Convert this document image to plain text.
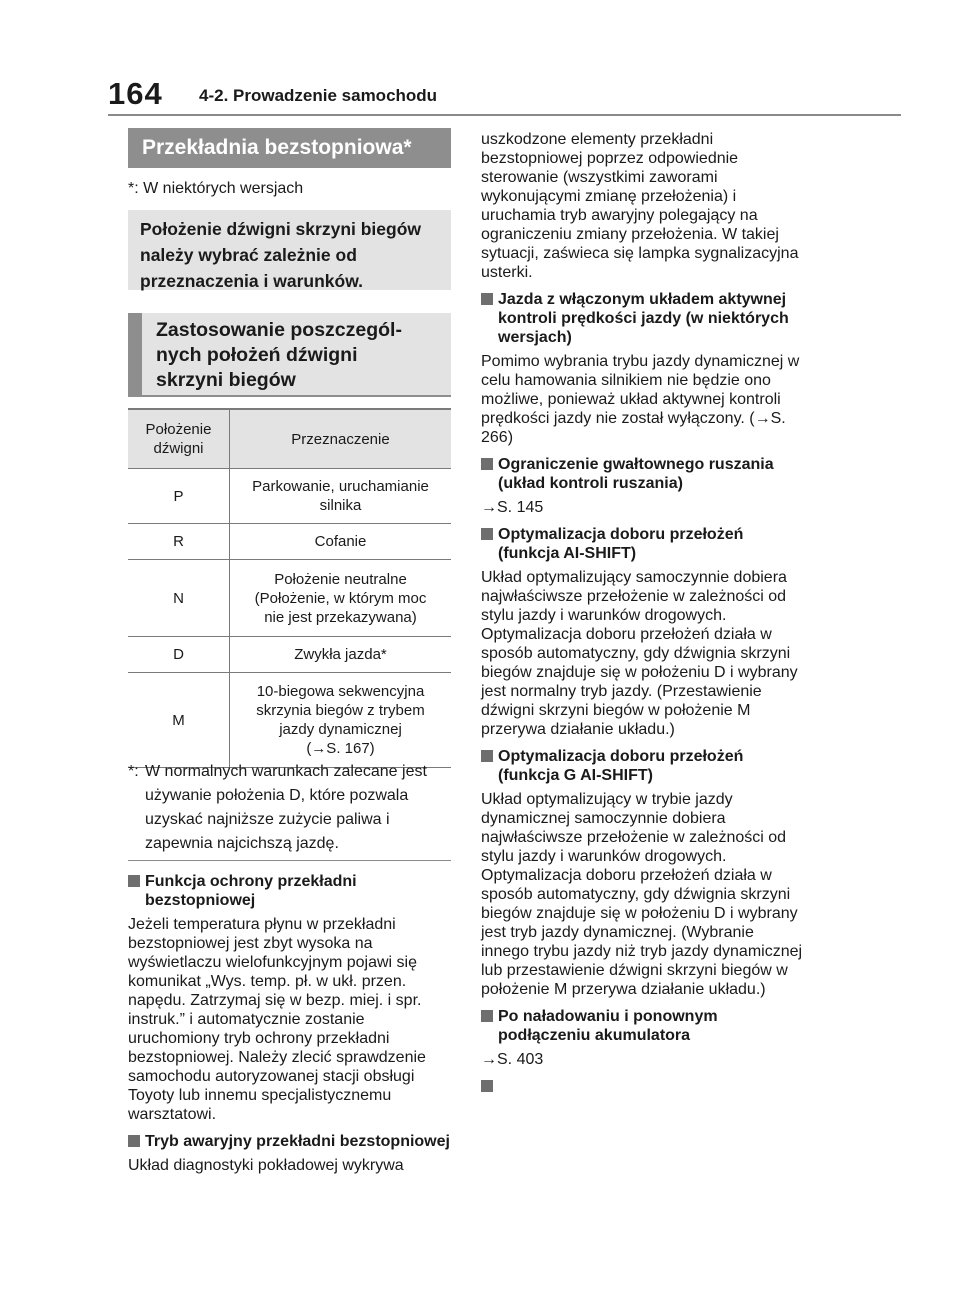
164 4-2. Prowadzenie samochodu
Przekładnia bezstopniowa*
*: W niektórych wersjach
Położenie dźwigni skrzyni biegów należy wybrać zależnie od przeznaczenia i warunków.
Zastosowanie poszczegól-
nych położeń dźwigni
skrzyni biegów
Położenie
dźwigni	Przeznaczenie
P	Parkowanie, uruchamianie
silnika

R	Cofanie
N	Położenie neutralne
(Położenie, w którym moc
nie jest przekazywana)

D	Zwykła jazda*
M	10-biegowa sekwencyjna
skrzynia biegów z trybem
jazdy dynamicznej
(→S. 167)
*: W normalnych warunkach zalecane jest używanie położenia D, które pozwala uzyskać najniższe zużycie paliwa i zapewnia najcichszą jazdę.
Funkcja ochrony przekładni bezstopniowej

Jeżeli temperatura płynu w przekładni bezstopniowej jest zbyt wysoka na wyświetlaczu wielofunkcyjnym pojawi się komunikat „Wys. temp. pł. w ukł. przen. napędu. Zatrzymaj się w bezp. miej. i spr. instruk.” i automatycznie zostanie uruchomiony tryb ochrony przekładni bezstopniowej. Należy zlecić sprawdzenie samochodu autoryzowanej stacji obsługi Toyoty lub innemu specjalistycznemu warsztatowi.

Tryb awaryjny przekładni bezstopniowej

Układ diagnostyki pokładowej wykrywa

uszkodzone elementy przekładni bezstopniowej poprzez odpowiednie sterowanie (wszystkimi zaworami wykonującymi zmianę przełożenia) i uruchamia tryb awaryjny polegający na ograniczeniu zmiany przełożenia. W takiej sytuacji, zaświeca się lampka sygnalizacyjna usterki.

Jazda z włączonym układem aktywnej kontroli prędkości jazdy (w niektórych wersjach)

Pomimo wybrania trybu jazdy dynamicznej w celu hamowania silnikiem nie będzie ono możliwe, ponieważ układ aktywnej kontroli prędkości jazdy nie został wyłączony. (→S. 266)

Ograniczenie gwałtownego ruszania (układ kontroli ruszania)

→S. 145

Optymalizacja doboru przełożeń (funkcja AI-SHIFT)

Układ optymalizujący samoczynnie dobiera najwłaściwsze przełożenie w zależności od stylu jazdy i warunków drogowych. Optymalizacja doboru przełożeń działa w sposób automatyczny, gdy dźwignia skrzyni biegów znajduje się w położeniu D i wybrany jest normalny tryb jazdy. (Przestawienie dźwigni skrzyni biegów w położenie M przerywa działanie układu.)

Optymalizacja doboru przełożeń (funkcja G AI-SHIFT)

Układ optymalizujący w trybie jazdy dynamicznej samoczynnie dobiera najwłaściwsze przełożenie w zależności od stylu jazdy i warunków drogowych. Optymalizacja doboru przełożeń działa w sposób automatyczny, gdy dźwignia skrzyni biegów znajduje się w położeniu D i wybrany jest tryb jazdy dynamicznej. (Wybranie innego trybu jazdy niż tryb jazdy dynamicznej lub przestawienie dźwigni skrzyni biegów w położenie M przerywa działanie układu.)

Po naładowaniu i ponownym podłączeniu akumulatora

→S. 403
